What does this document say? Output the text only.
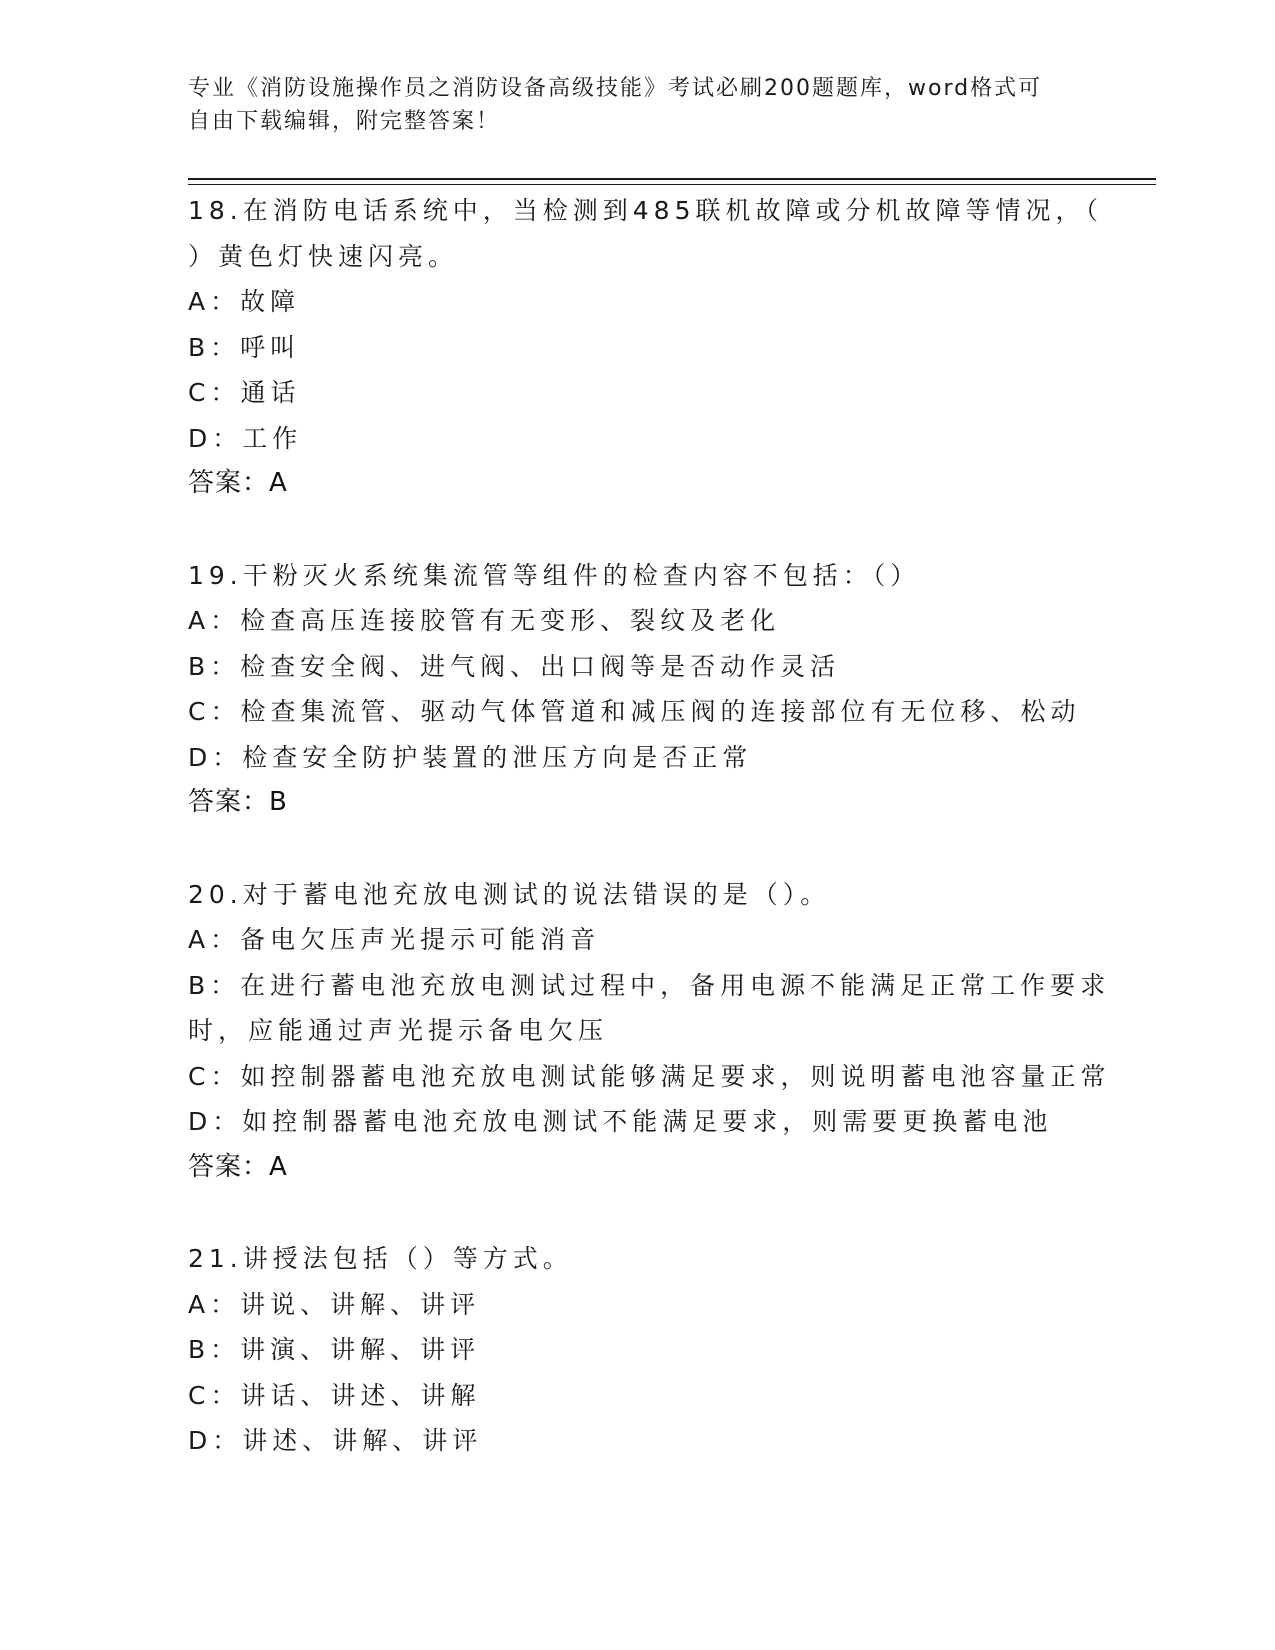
专业《消防设施操作员之消防设备高级技能》考试必刷200题题库，word格式可
自由下载编辑，附完整答案！
18.在消防电话系统中，当检测到485联机故障或分机故障等情况，（
）黄色灯快速闪亮。
A：故障
B：呼叫
C：通话
D：工作
答案：A
19.干粉灭火系统集流管等组件的检查内容不包括：（）
A：检查高压连接胶管有无变形、裂纹及老化
B：检查安全阀、进气阀、出口阀等是否动作灵活
C：检查集流管、驱动气体管道和减压阀的连接部位有无位移、松动
D：检查安全防护装置的泄压方向是否正常
答案：B
20.对于蓄电池充放电测试的说法错误的是（）。
A：备电欠压声光提示可能消音
B：在进行蓄电池充放电测试过程中，备用电源不能满足正常工作要求
时，应能通过声光提示备电欠压
C：如控制器蓄电池充放电测试能够满足要求，则说明蓄电池容量正常
D：如控制器蓄电池充放电测试不能满足要求，则需要更换蓄电池
答案：A
21.讲授法包括（）等方式。
A：讲说、讲解、讲评
B：讲演、讲解、讲评
C：讲话、讲述、讲解
D：讲述、讲解、讲评
